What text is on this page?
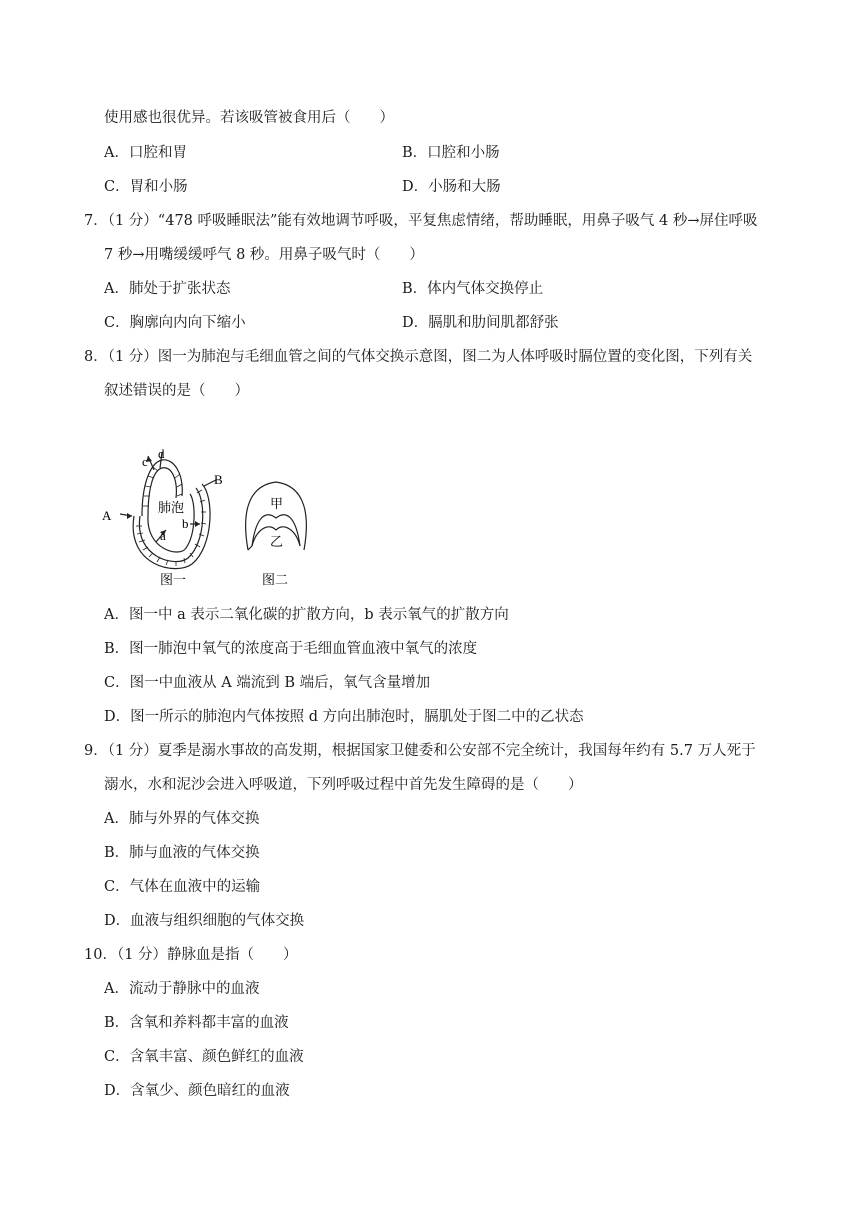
使用感也很优异。若该吸管被食用后（　　）
A．口腔和胃	B．口腔和小肠
C．胃和小肠	D．小肠和大肠
7．（1 分）“478 呼吸睡眠法”能有效地调节呼吸，平复焦虑情绪，帮助睡眠，用鼻子吸气 4 秒→屏住呼吸
7 秒→用嘴缓缓呼气 8 秒。用鼻子吸气时（　　）
A．肺处于扩张状态	B．体内气体交换停止
C．胸廓向内向下缩小	D．膈肌和肋间肌都舒张
8．（1 分）图一为肺泡与毛细血管之间的气体交换示意图，图二为人体呼吸时膈位置的变化图，下列有关
叙述错误的是（　　）
A
B
a
b
c
d
肺泡
图一
甲
乙
图二
A．图一中 a 表示二氧化碳的扩散方向，b 表示氧气的扩散方向
B．图一肺泡中氧气的浓度高于毛细血管血液中氧气的浓度
C．图一中血液从 A 端流到 B 端后，氧气含量增加
D．图一所示的肺泡内气体按照 d 方向出肺泡时，膈肌处于图二中的乙状态
9．（1 分）夏季是溺水事故的高发期，根据国家卫健委和公安部不完全统计，我国每年约有 5.7 万人死于
溺水，水和泥沙会进入呼吸道，下列呼吸过程中首先发生障碍的是（　　）
A．肺与外界的气体交换
B．肺与血液的气体交换
C．气体在血液中的运输
D．血液与组织细胞的气体交换
10．（1 分）静脉血是指（　　）
A．流动于静脉中的血液
B．含氧和养料都丰富的血液
C．含氧丰富、颜色鲜红的血液
D．含氧少、颜色暗红的血液
